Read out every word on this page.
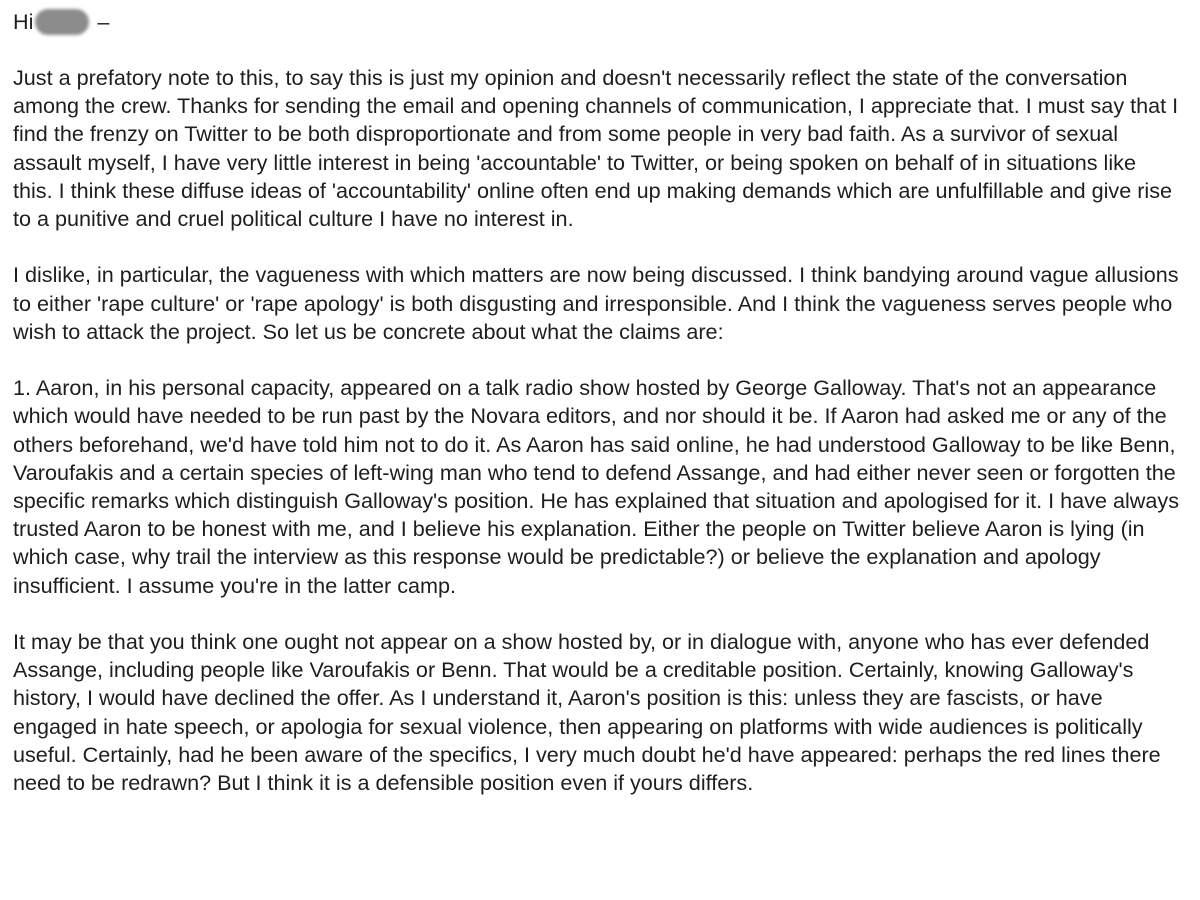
Hi	–

Just a prefatory note to this, to say this is just my opinion and doesn't necessarily reflect the state of the conversation among the crew. Thanks for sending the email and opening channels of communication, I appreciate that. I must say that I find the frenzy on Twitter to be both disproportionate and from some people in very bad faith. As a survivor of sexual assault myself, I have very little interest in being 'accountable' to Twitter, or being spoken on behalf of in situations like this. I think these diffuse ideas of 'accountability' online often end up making demands which are unfulfillable and give rise to a punitive and cruel political culture I have no interest in.

I dislike, in particular, the vagueness with which matters are now being discussed. I think bandying around vague allusions to either 'rape culture' or 'rape apology' is both disgusting and irresponsible. And I think the vagueness serves people who wish to attack the project. So let us be concrete about what the claims are:

1. Aaron, in his personal capacity, appeared on a talk radio show hosted by George Galloway. That's not an appearance which would have needed to be run past by the Novara editors, and nor should it be. If Aaron had asked me or any of the others beforehand, we'd have told him not to do it. As Aaron has said online, he had understood Galloway to be like Benn, Varoufakis and a certain species of left-wing man who tend to defend Assange, and had either never seen or forgotten the specific remarks which distinguish Galloway's position. He has explained that situation and apologised for it. I have always trusted Aaron to be honest with me, and I believe his explanation. Either the people on Twitter believe Aaron is lying (in which case, why trail the interview as this response would be predictable?) or believe the explanation and apology insufficient. I assume you're in the latter camp.

It may be that you think one ought not appear on a show hosted by, or in dialogue with, anyone who has ever defended Assange, including people like Varoufakis or Benn. That would be a creditable position. Certainly, knowing Galloway's history, I would have declined the offer. As I understand it, Aaron's position is this: unless they are fascists, or have engaged in hate speech, or apologia for sexual violence, then appearing on platforms with wide audiences is politically useful. Certainly, had he been aware of the specifics, I very much doubt he'd have appeared: perhaps the red lines there need to be redrawn? But I think it is a defensible position even if yours differs.
